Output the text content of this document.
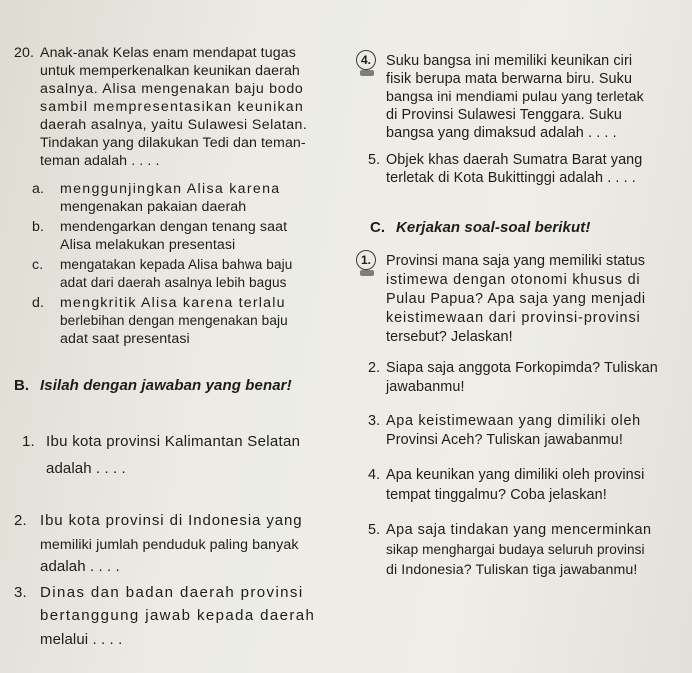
20. Anak-anak Kelas enam mendapat tugas
untuk memperkenalkan keunikan daerah
asalnya. Alisa mengenakan baju bodo
sambil mempresentasikan keunikan
daerah asalnya, yaitu Sulawesi Selatan.
Tindakan yang dilakukan Tedi dan teman-
teman adalah . . . .
a. menggunjingkan Alisa karena
mengenakan pakaian daerah
b. mendengarkan dengan tenang saat
Alisa melakukan presentasi
c. mengatakan kepada Alisa bahwa baju
adat dari daerah asalnya lebih bagus
d. mengkritik Alisa karena terlalu
berlebihan dengan mengenakan baju
adat saat presentasi
B. Isilah dengan jawaban yang benar!
1. Ibu kota provinsi Kalimantan Selatan
adalah . . . .
2. Ibu kota provinsi di Indonesia yang
memiliki jumlah penduduk paling banyak
adalah . . . .
3. Dinas dan badan daerah provinsi
bertanggung jawab kepada daerah
melalui . . . .
4.	Suku bangsa ini memiliki keunikan ciri
fisik berupa mata berwarna biru. Suku
bangsa ini mendiami pulau yang terletak
di Provinsi Sulawesi Tenggara. Suku
bangsa yang dimaksud adalah . . . .
5. Objek khas daerah Sumatra Barat yang
terletak di Kota Bukittinggi adalah . . . .
C. Kerjakan soal-soal berikut!
1.	Provinsi mana saja yang memiliki status
istimewa dengan otonomi khusus di
Pulau Papua? Apa saja yang menjadi
keistimewaan dari provinsi-provinsi
tersebut? Jelaskan!
2. Siapa saja anggota Forkopimda? Tuliskan
jawabanmu!
3. Apa keistimewaan yang dimiliki oleh
Provinsi Aceh? Tuliskan jawabanmu!
4. Apa keunikan yang dimiliki oleh provinsi
tempat tinggalmu? Coba jelaskan!
5. Apa saja tindakan yang mencerminkan
sikap menghargai budaya seluruh provinsi
di Indonesia? Tuliskan tiga jawabanmu!
